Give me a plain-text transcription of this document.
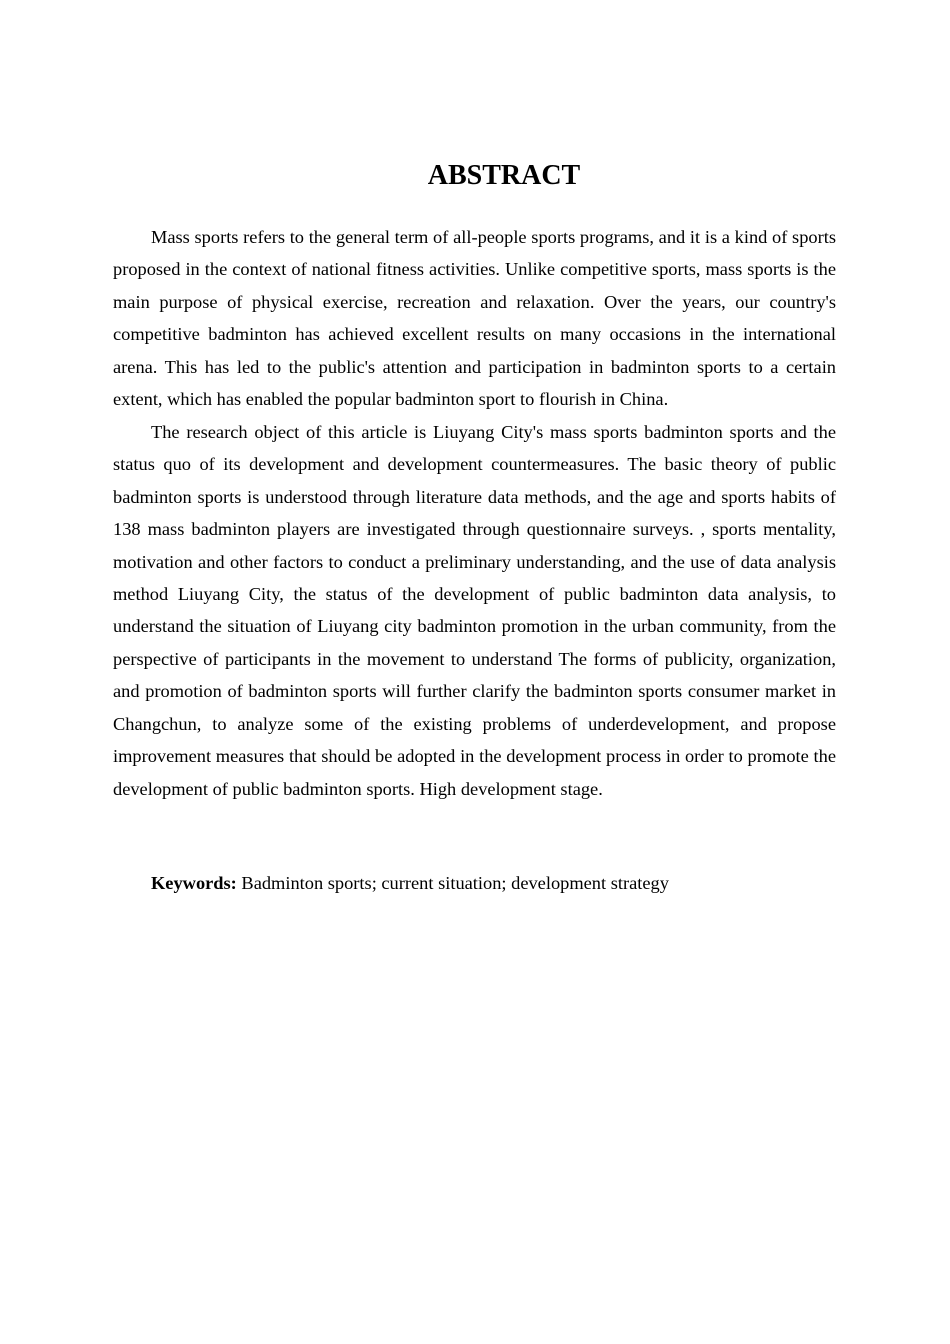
ABSTRACT

Mass sports refers to the general term of all-people sports programs, and it is a kind of sports proposed in the context of national fitness activities. Unlike competitive sports, mass sports is the main purpose of physical exercise, recreation and relaxation. Over the years, our country's competitive badminton has achieved excellent results on many occasions in the international arena. This has led to the public's attention and participation in badminton sports to a certain extent, which has enabled the popular badminton sport to flourish in China.

The research object of this article is Liuyang City's mass sports badminton sports and the status quo of its development and development countermeasures. The basic theory of public badminton sports is understood through literature data methods, and the age and sports habits of 138 mass badminton players are investigated through questionnaire surveys. , sports mentality, motivation and other factors to conduct a preliminary understanding, and the use of data analysis method Liuyang City, the status of the development of public badminton data analysis, to understand the situation of Liuyang city badminton promotion in the urban community, from the perspective of participants in the movement to understand The forms of publicity, organization, and promotion of badminton sports will further clarify the badminton sports consumer market in Changchun, to analyze some of the existing problems of underdevelopment, and propose improvement measures that should be adopted in the development process in order to promote the development of public badminton sports. High development stage.

Keywords: Badminton sports; current situation; development strategy
